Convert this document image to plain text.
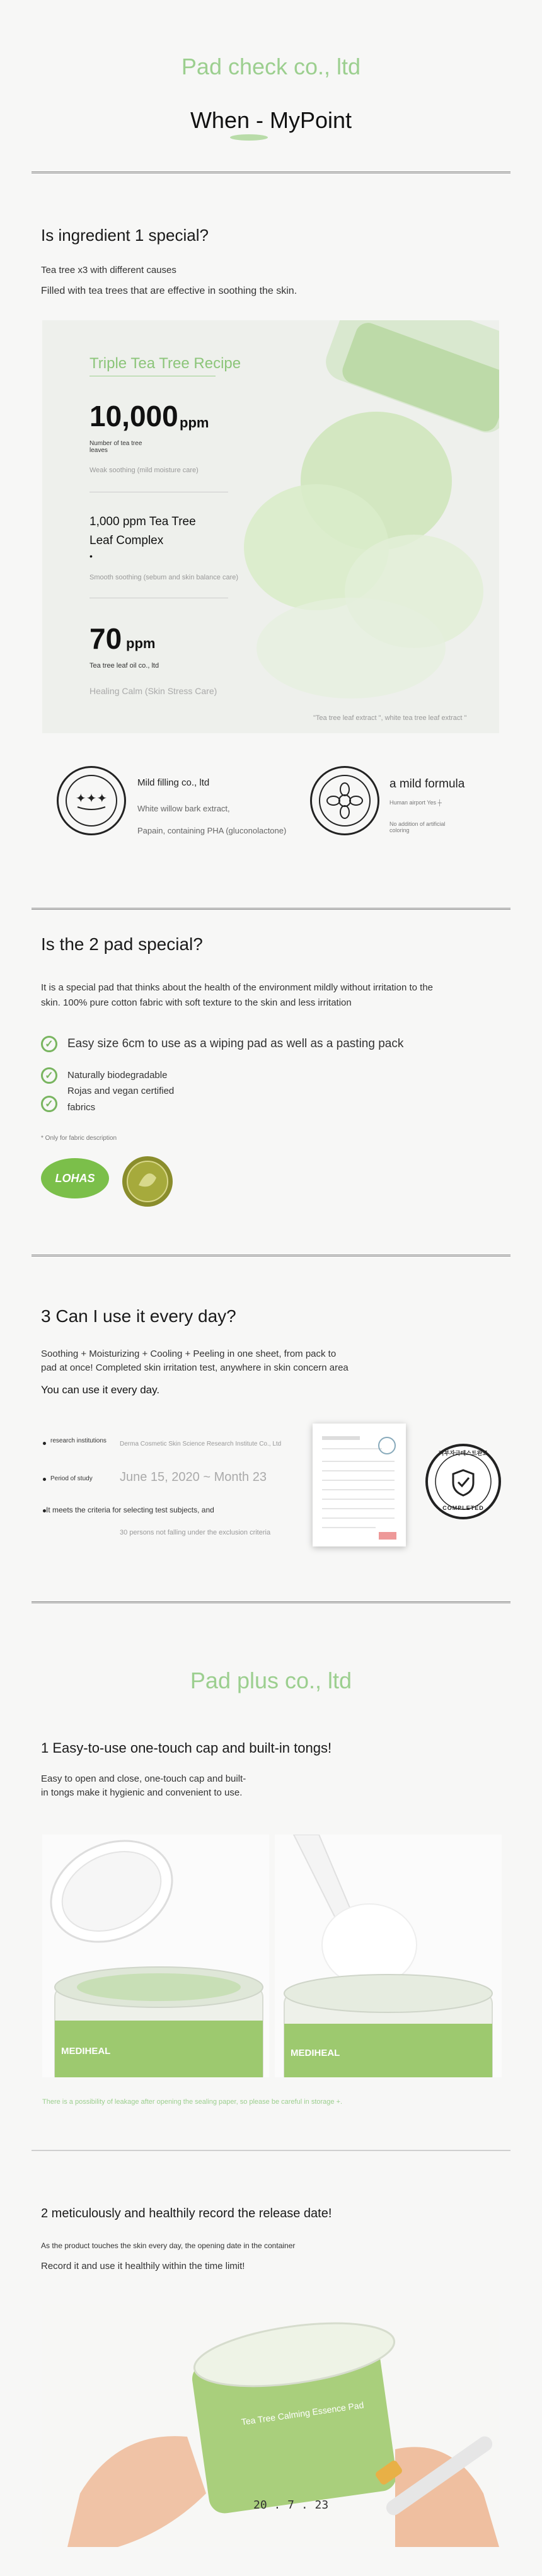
Pad check co., ltd
When - MyPoint
Is ingredient 1 special?
Tea tree x3 with different causes
Filled with tea trees that are effective in soothing the skin.
Triple Tea Tree Recipe
10,000 ppm
Number of tea tree leaves
Weak soothing (mild moisture care)
1,000 ppm Tea Tree Leaf Complex
•
Smooth soothing (sebum and skin balance care)
70 ppm
Tea tree leaf oil co., ltd
Healing Calm (Skin Stress Care)
"Tea tree leaf extract ", white tea tree leaf extract "
✦✦✦
Mild filling co., ltd
White willow bark extract,
Papain, containing PHA (gluconolactone)
a mild formula
Human airport Yes ┼
No addition of artificial coloring
Is the 2 pad special?
It is a special pad that thinks about the health of the environment mildly without irritation to the skin. 100% pure cotton fabric with soft texture to the skin and less irritation
✓	Easy size 6cm to use as a wiping pad as well as a pasting pack
✓	Naturally biodegradable
✓
Rojas and vegan certified
fabrics
* Only for fabric description
LOHAS
3 Can I use it every day?
Soothing + Moisturizing + Cooling + Peeling in one sheet, from pack to
pad at once! Completed skin irritation test, anywhere in skin concern area
You can use it every day.
research institutions Derma Cosmetic Skin Science Research Institute Co., Ltd
Period of study June 15, 2020 ~ Month 23
It meets the criteria for selecting test subjects, and
30 persons not falling under the exclusion criteria
피부자극테스트완료
COMPLETED
Pad plus co., ltd
1 Easy-to-use one-touch cap and built-in tongs!
Easy to open and close, one-touch cap and built-
in tongs make it hygienic and convenient to use.
MEDIHEAL	MEDIHEAL
There is a possibility of leakage after opening the sealing paper, so please be careful in storage +.
2 meticulously and healthily record the release date!
As the product touches the skin every day, the opening date in the container
Record it and use it healthily within the time limit!
Tea Tree Calming Essence Pad
20 . 7 . 23
